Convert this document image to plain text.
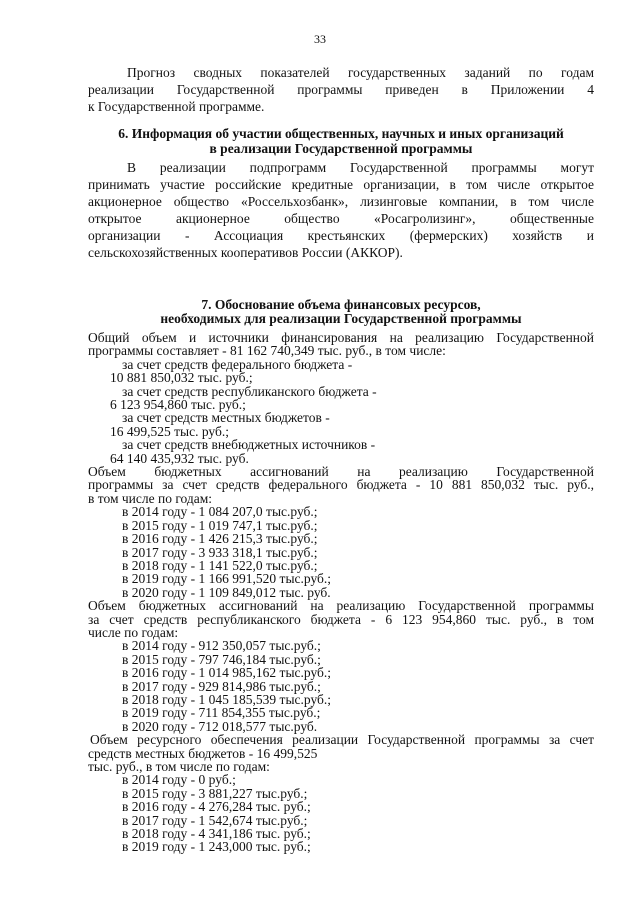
33
Прогноз сводных показателей государственных заданий по годам
реализации Государственной программы приведен в Приложении 4
к Государственной программе.
6. Информация об участии общественных, научных и иных организаций
в реализации Государственной программы
В реализации подпрограмм Государственной программы могут
принимать участие российские кредитные организации, в том числе открытое
акционерное общество «Россельхозбанк», лизинговые компании, в том числе
открытое акционерное общество «Росагролизинг», общественные
организации - Ассоциация крестьянских (фермерских) хозяйств и
сельскохозяйственных кооперативов России (АККОР).
7. Обоснование объема финансовых ресурсов,
необходимых для реализации Государственной программы
Общий объем и источники финансирования на реализацию Государственной
программы составляет - 81 162 740,349 тыс. руб., в том числе:
за счет средств федерального бюджета -
10 881 850,032 тыс. руб.;
за счет средств республиканского бюджета -
6 123 954,860 тыс. руб.;
за счет средств местных бюджетов -
16 499,525 тыс. руб.;
за счет средств внебюджетных источников -
64 140 435,932 тыс. руб.
Объем бюджетных ассигнований на реализацию Государственной
программы за счет средств федерального бюджета - 10 881 850,032 тыс. руб.,
в том числе по годам:
в 2014 году - 1 084 207,0 тыс.руб.;
в 2015 году - 1 019 747,1 тыс.руб.;
в 2016 году - 1 426 215,3 тыс.руб.;
в 2017 году - 3 933 318,1 тыс.руб.;
в 2018 году - 1 141 522,0 тыс.руб.;
в 2019 году - 1 166 991,520 тыс.руб.;
в 2020 году - 1 109 849,012 тыс. руб.
Объем бюджетных ассигнований на реализацию Государственной программы
за счет средств республиканского бюджета - 6 123 954,860 тыс. руб., в том
числе по годам:
в 2014 году - 912 350,057 тыс.руб.;
в 2015 году - 797 746,184 тыс.руб.;
в 2016 году - 1 014 985,162 тыс.руб.;
в 2017 году - 929 814,986 тыс.руб.;
в 2018 году - 1 045 185,539 тыс.руб.;
в 2019 году - 711 854,355 тыс.руб.;
в 2020 году - 712 018,577 тыс.руб.
Объем ресурсного обеспечения реализации Государственной программы за счет
средств местных бюджетов - 16 499,525
тыс. руб., в том числе по годам:
в 2014 году - 0 руб.;
в 2015 году - 3 881,227 тыс.руб.;
в 2016 году - 4 276,284 тыс. руб.;
в 2017 году - 1 542,674 тыс.руб.;
в 2018 году - 4 341,186 тыс. руб.;
в 2019 году - 1 243,000 тыс. руб.;
